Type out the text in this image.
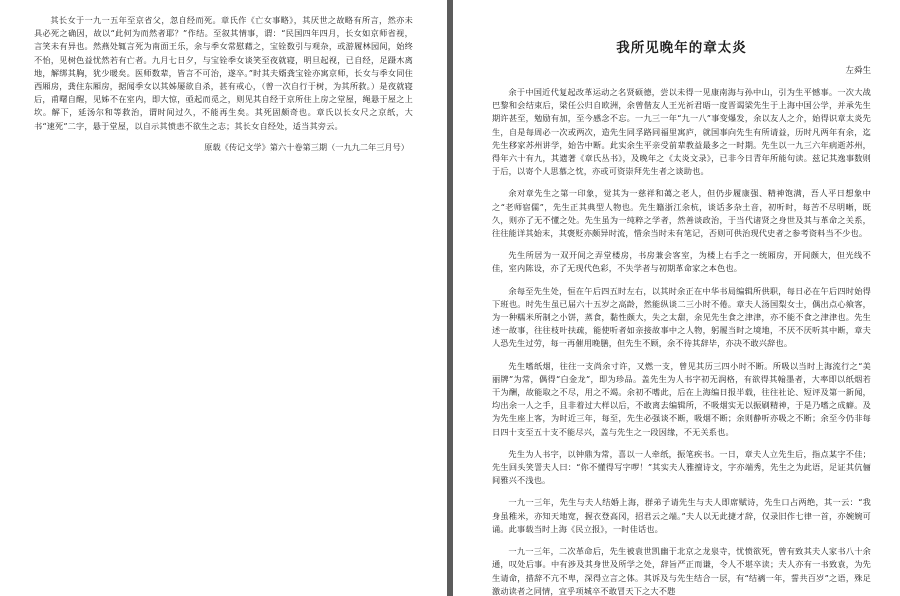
其长女于一九一五年至京省父，忽自经而死。章氏作《亡女事略》，其厌世之故略有所言，然亦未具必死之确因，故以“此何为而然者耶？”作结。至叙其情事，谓：“民国四年四月，长女如京师省视，言笑未有异也。然燕处辄言死为南面王乐，余与季女常慰藉之，宝铨数引与观杂，或游履林园间，始终不怡，见树色益忧然若有亡者。九月七日夕，与宝铨季女谈笑至夜就寝，明旦起视，已自经，足蹑木离地，解绑其胸，犹少暖矣。医师数辈，皆言不可治，遂卒。”时其夫婿龚宝铨亦寓京师，长女与季女同住西厢房，龚住东厢房，据闻季女以其姊屡欲自杀，甚有戒心，（曾一次自行于树，为其所救。）是夜就寝后，甫曙自醒，见姊不在室内，即大惊，亟起而觅之，则见其自经于京所住上房之堂屋，绳悬于屋之上坎。解下，延汤尔和等救治，谓时间过久，不能再生矣。其死固颇奇也。章氏以长女尺之京纸，大书“速死”二字，悬于堂屋，以自示其愤恚不欲生之志；其长女自经处，适当其旁云。

原载《传记文学》第六十卷第三期（一九九二年三月号）

我所见晚年的章太炎

左舜生

余于中国近代复起改革运动之名贤硕德，尝以未得一见康南海与孙中山，引为生平憾事。一次大战巴黎和会结束后，梁任公归自欧洲，余曾偕友人王光祈君晤一度晋谒梁先生于上海中国公学，并承先生期许甚至，勉励有加，至今感念不忘。一九三一年“九一八”事变爆发，余以友人之介，始得识章太炎先生，自是每周必一次或两次，造先生同孚路同福里寓庐，就国事向先生有所请益，历时凡两年有余，迄先生移家苏州讲学，始告中断。此实余生平亲受前辈教益最多之一时期。先生以一九三六年病逝苏州，得年六十有九，其遗著《章氏丛书》，及晚年之《太炎文录》，已非今日青年所能句读。兹记其逸事数则于后，以寄个人思慕之忱，亦或可资崇拜先生者之谈助也。

余对章先生之第一印象，觉其为一慈祥和蔼之老人，但仍步履康强、精神饱满，吾人平日想象中之“老师宿儒”，先生正其典型人物也。先生籍浙江余杭，谈话多杂土音，初听时，每苦不尽明晰，既久，则亦了无不懂之处。先生虽为一纯粹之学者，然善谈政治，于当代诸贤之身世及其与革命之关系，往往能详其始末，其褒贬亦颇异时流，惜余当时未有笔记，否则可供治现代史者之参考资料当不少也。

先生所居为一双开间之弄堂楼房，书房兼会客室，为楼上右手之一统厢房，开间颇大，但光线不佳，室内陈设，亦了无现代色彩，不失学者与初期革命家之本色也。

余每至先生处，恒在午后四五时左右，以其时余正在中华书局编辑所供职，每日必在午后四时始得下班也。时先生虽已届六十五岁之高龄，然能纵谈二三小时不倦。章夫人汤国梨女士，偶出点心飨客，为一种糯米所制之小饼，蒸食，黏性颇大，失之太甜，余见先生食之津津，亦不能不食之津津也。先生述一故事，往往枝叶扶疏，能使听者如亲接故事中之人物，躬履当时之境地，不厌不厌听其中断，章夫人恐先生过劳，每一再催用晚膳，但先生不顾，余不待其辞毕，亦决不敢兴辞也。

先生嗜纸烟，往往一支尚余寸许，又燃一支，曾见其历三四小时不断。所吸以当时上海流行之“美丽牌”为常，偶得“白金龙”，即为珍品。盖先生为人书字初无润格，有欲得其翰墨者，大率即以纸烟若干为酬，故能取之不尽，用之不竭。余初不嗜此，后在上海编日报半载，往往社论、短评及第一新闻，均出余一人之手，且非着过大样以后，不敢离去编辑所，不吸烟实无以振刷精神，于是乃嗜之成癖。及为先生座上客，为时近三年，每至，先生必强谈不断，吸烟不断；余则静听亦吸之不断；余至今仍非每日四十支至五十支不能尽兴，盖与先生之一段因缘，不无关系也。

先生为人书字，以钟鼎为常，喜以一人牵纸，振笔疾书。一日，章夫人立先生后，指点某字不佳；先生回头笑詈夫人曰：“你不懂得写字啰！”其实夫人雅擅诗文，字亦端秀，先生之为此语，足证其伉俪间雅兴不浅也。

一九一三年，先生与夫人结婚上海，群弟子请先生与夫人即席赋诗，先生口占两绝，其一云：“我身虽稚米，亦知天地宽，握衣登高冈，招君云之端。”夫人以无此捷才辞，仅录旧作七律一首，亦婉婉可诵。此事载当时上海《民立报》，一时佳话也。

一九一三年，二次革命后，先生被袁世凯幽于北京之龙泉寺，忧愤欲死，曾有致其夫人家书八十余通，叹处后事。中有涉及其身世及所学之处，辞旨严正而谦，令人不堪卒读；夫人亦有一书致袁，为先生请命，措辞不亢不卑，深得立言之体。其诉及与先生结合一层，有“结褵一年，誓共百岁”之语，殊足激动读者之同情，宜乎项城卒不敢冒天下之大不韪
